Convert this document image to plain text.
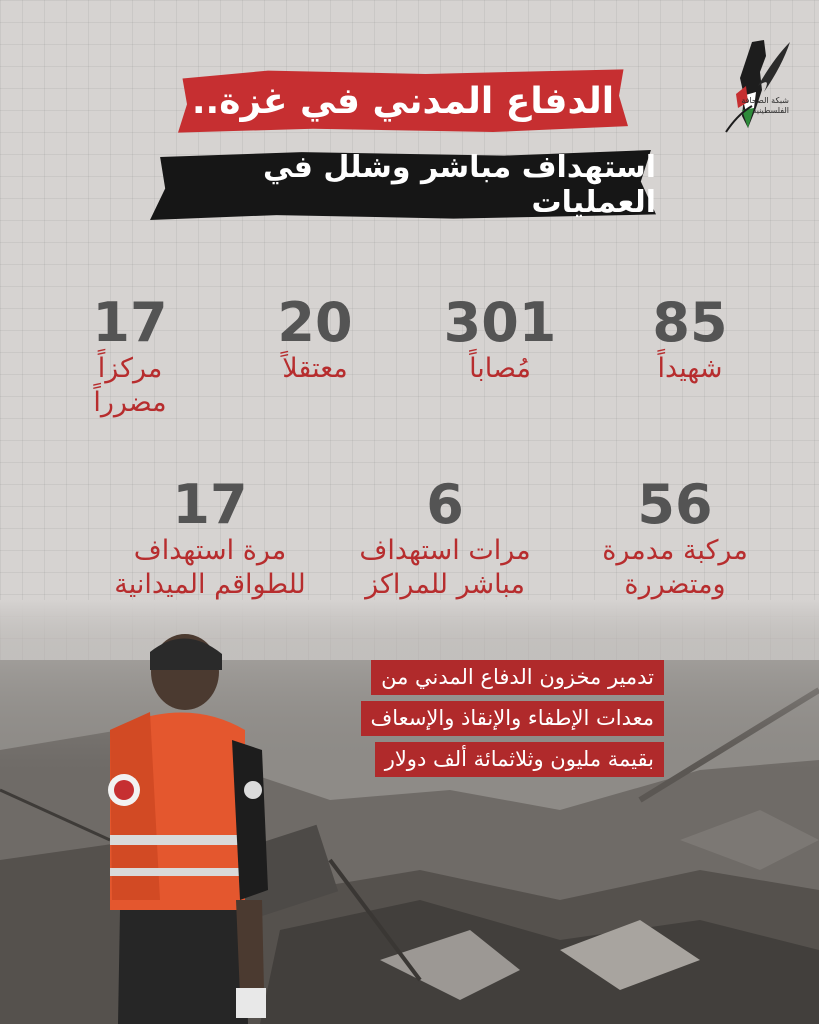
شبكة الصحافة الفلسطينية
الدفاع المدني في غزة..
استهداف مباشر وشلل في العمليات
85
شهيداً
301
مُصاباً
20
معتقلاً
17
مركزاً مضرراً
56
مركبة مدمرة ومتضررة
6
مرات استهداف مباشر للمراكز
17
مرة استهداف للطواقم الميدانية
تدمير مخزون الدفاع المدني من
معدات الإطفاء والإنقاذ والإسعاف
بقيمة مليون وثلاثمائة ألف دولار
